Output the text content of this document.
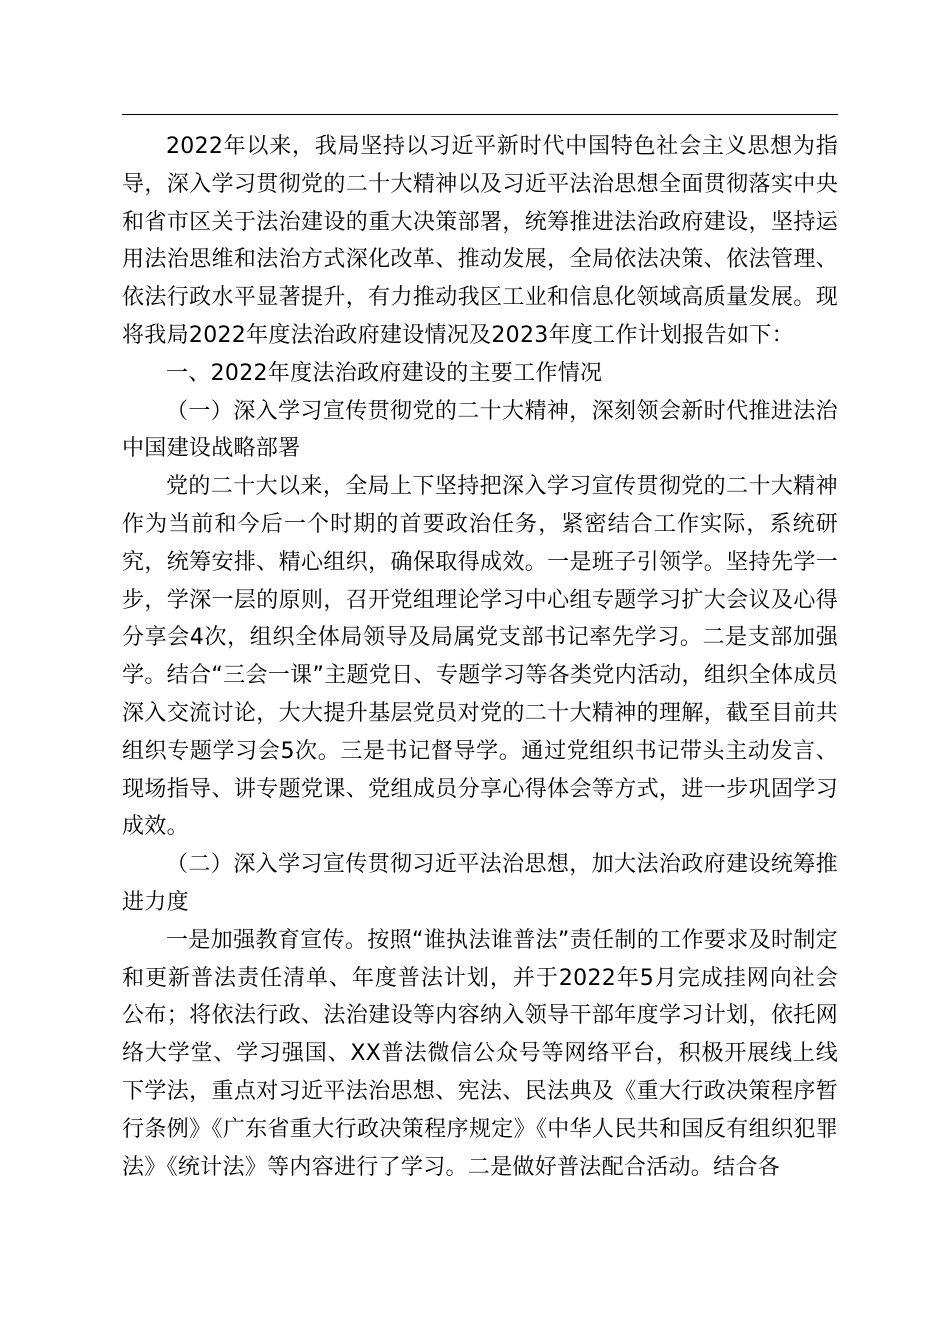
2022年以来，我局坚持以习近平新时代中国特色社会主义思想为指导，深入学习贯彻党的二十大精神以及习近平法治思想全面贯彻落实中央和省市区关于法治建设的重大决策部署，统筹推进法治政府建设，坚持运用法治思维和法治方式深化改革、推动发展，全局依法决策、依法管理、依法行政水平显著提升，有力推动我区工业和信息化领域高质量发展。现将我局2022年度法治政府建设情况及2023年度工作计划报告如下：

一、2022年度法治政府建设的主要工作情况

（一）深入学习宣传贯彻党的二十大精神，深刻领会新时代推进法治中国建设战略部署

党的二十大以来，全局上下坚持把深入学习宣传贯彻党的二十大精神作为当前和今后一个时期的首要政治任务，紧密结合工作实际，系统研究，统筹安排、精心组织，确保取得成效。一是班子引领学。坚持先学一步，学深一层的原则，召开党组理论学习中心组专题学习扩大会议及心得分享会4次，组织全体局领导及局属党支部书记率先学习。二是支部加强学。结合“三会一课”主题党日、专题学习等各类党内活动，组织全体成员深入交流讨论，大大提升基层党员对党的二十大精神的理解，截至目前共组织专题学习会5次。三是书记督导学。通过党组织书记带头主动发言、现场指导、讲专题党课、党组成员分享心得体会等方式，进一步巩固学习成效。

（二）深入学习宣传贯彻习近平法治思想，加大法治政府建设统筹推进力度

一是加强教育宣传。按照“谁执法谁普法”责任制的工作要求及时制定和更新普法责任清单、年度普法计划，并于2022年5月完成挂网向社会公布；将依法行政、法治建设等内容纳入领导干部年度学习计划，依托网络大学堂、学习强国、XX普法微信公众号等网络平台，积极开展线上线下学法，重点对习近平法治思想、宪法、民法典及《重大行政决策程序暂行条例》《广东省重大行政决策程序规定》《中华人民共和国反有组织犯罪法》《统计法》等内容进行了学习。二是做好普法配合活动。结合各
